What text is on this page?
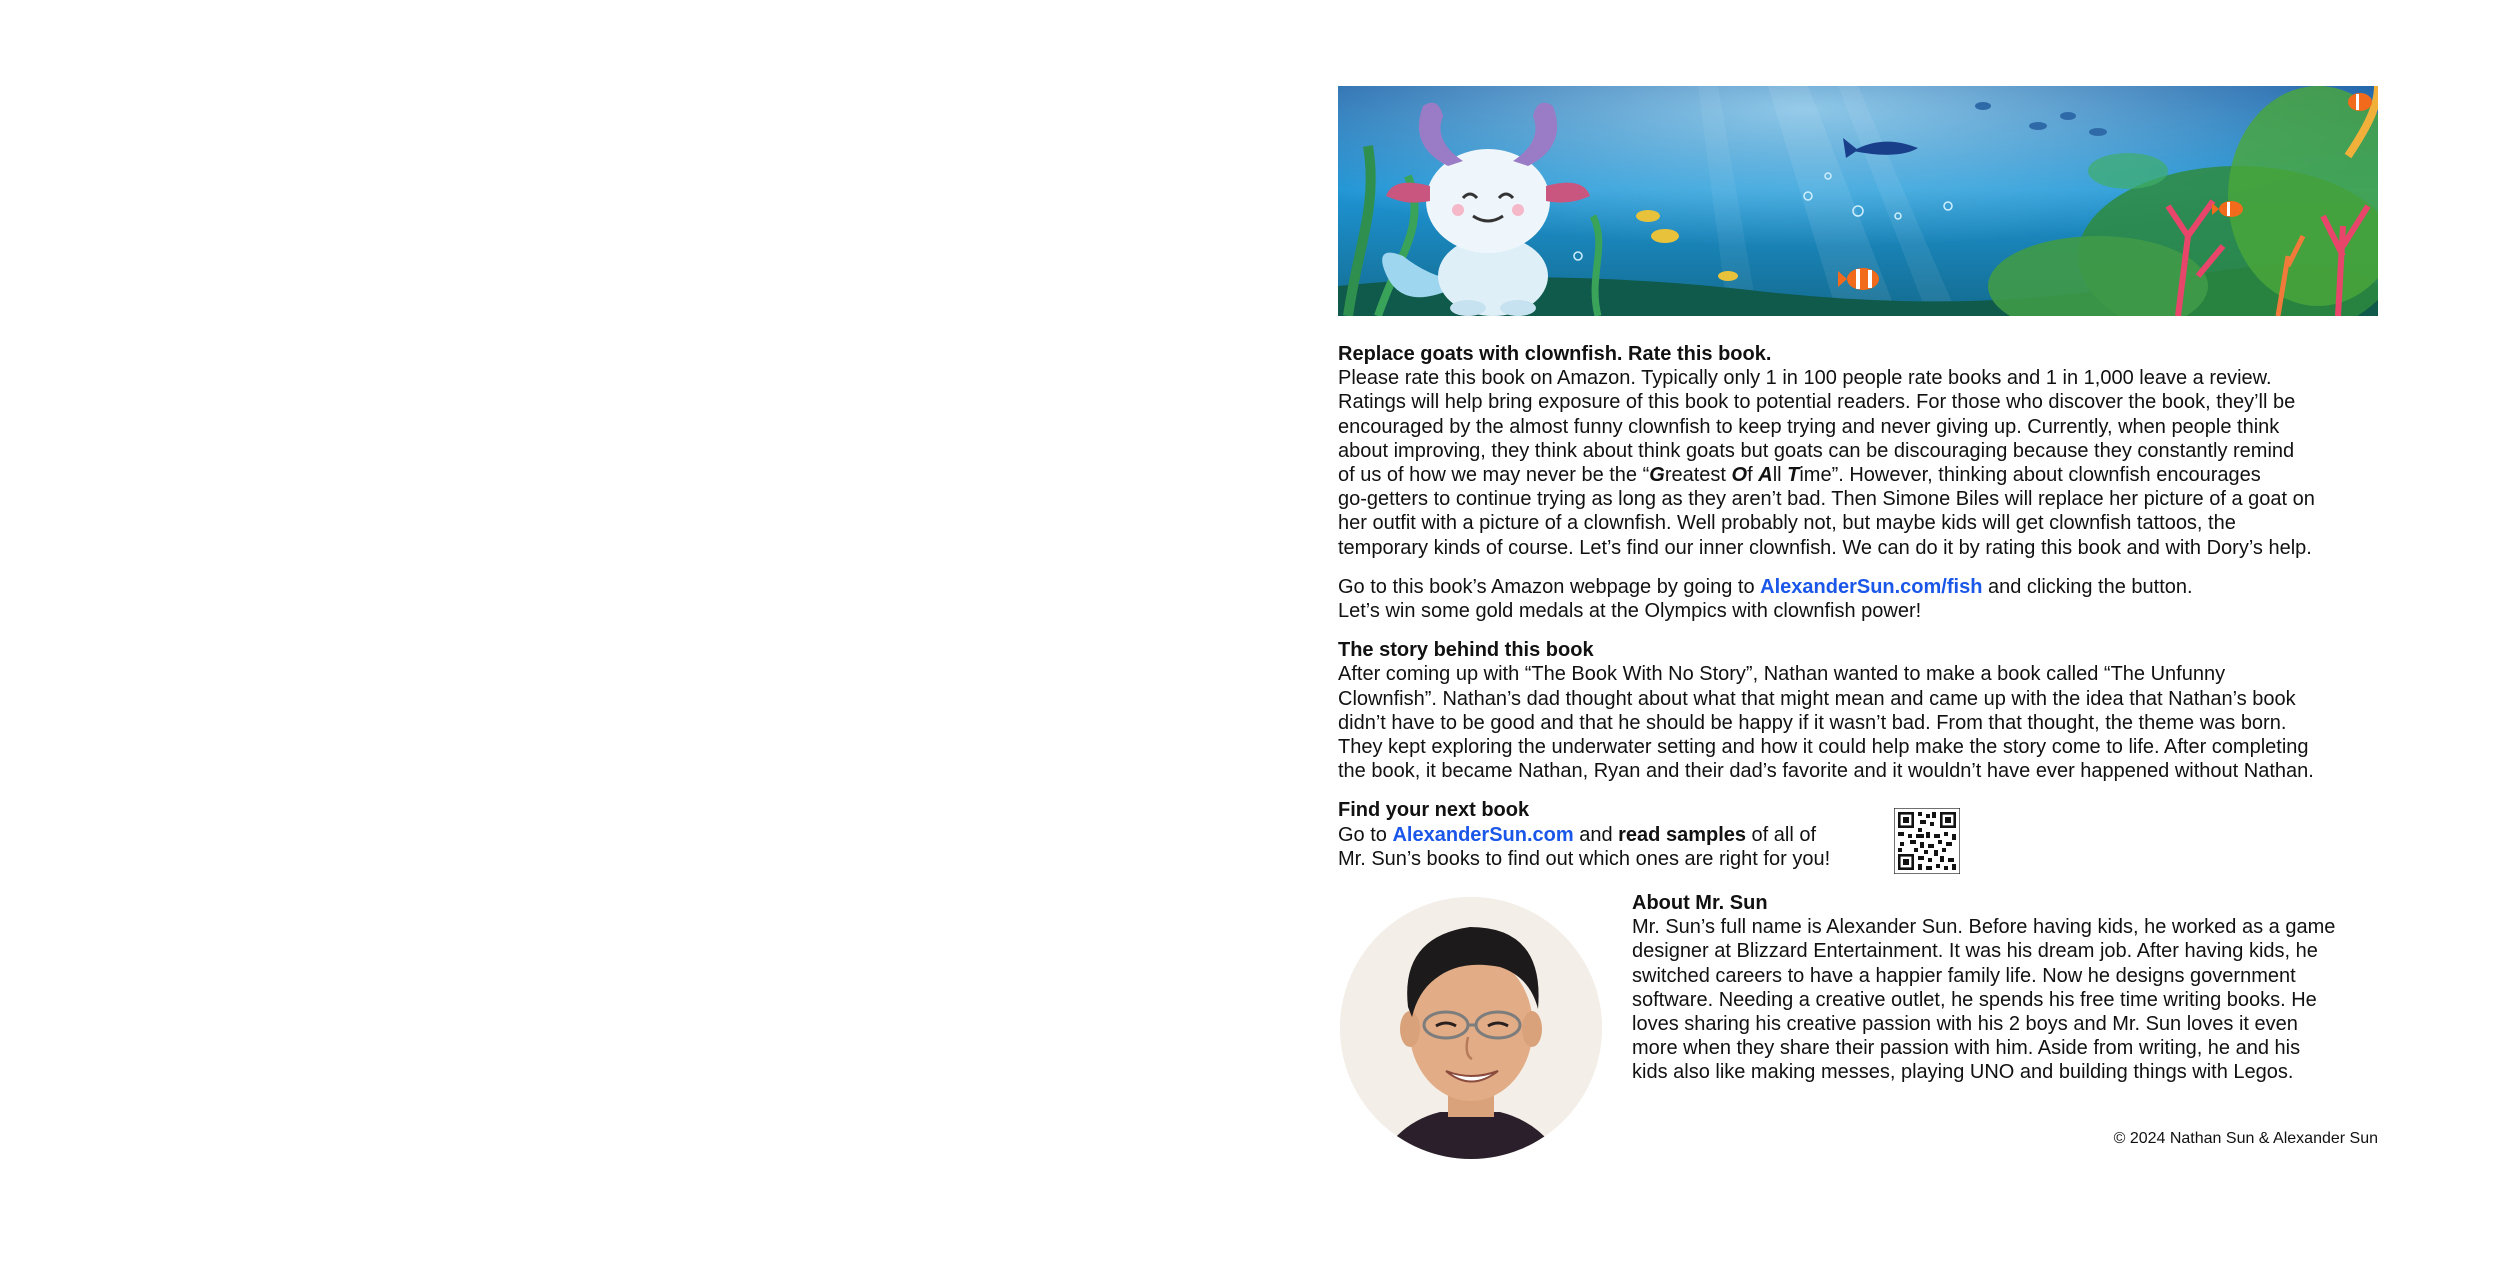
Replace goats with clownfish. Rate this book.
Please rate this book on Amazon. Typically only 1 in 100 people rate books and 1 in 1,000 leave a review.
Ratings will help bring exposure of this book to potential readers. For those who discover the book, they’ll be
encouraged by the almost funny clownfish to keep trying and never giving up. Currently, when people think
about improving, they think about think goats but goats can be discouraging because they constantly remind
of us of how we may never be the “Greatest Of All Time”. However, thinking about clownfish encourages
go-getters to continue trying as long as they aren’t bad. Then Simone Biles will replace her picture of a goat on
her outfit with a picture of a clownfish. Well probably not, but maybe kids will get clownfish tattoos, the
temporary kinds of course. Let’s find our inner clownfish. We can do it by rating this book and with Dory’s help.
Go to this book’s Amazon webpage by going to AlexanderSun.com/fish and clicking the button.
Let’s win some gold medals at the Olympics with clownfish power!
The story behind this book
After coming up with “The Book With No Story”, Nathan wanted to make a book called “The Unfunny
Clownfish”. Nathan’s dad thought about what that might mean and came up with the idea that Nathan’s book
didn’t have to be good and that he should be happy if it wasn’t bad. From that thought, the theme was born.
They kept exploring the underwater setting and how it could help make the story come to life. After completing
the book, it became Nathan, Ryan and their dad’s favorite and it wouldn’t have ever happened without Nathan.
Find your next book
Go to AlexanderSun.com and read samples of all of
Mr. Sun’s books to find out which ones are right for you!
About Mr. Sun
Mr. Sun’s full name is Alexander Sun. Before having kids, he worked as a game
designer at Blizzard Entertainment. It was his dream job. After having kids, he
switched careers to have a happier family life. Now he designs government
software. Needing a creative outlet, he spends his free time writing books. He
loves sharing his creative passion with his 2 boys and Mr. Sun loves it even
more when they share their passion with him. Aside from writing, he and his
kids also like making messes, playing UNO and building things with Legos.
© 2024 Nathan Sun & Alexander Sun
